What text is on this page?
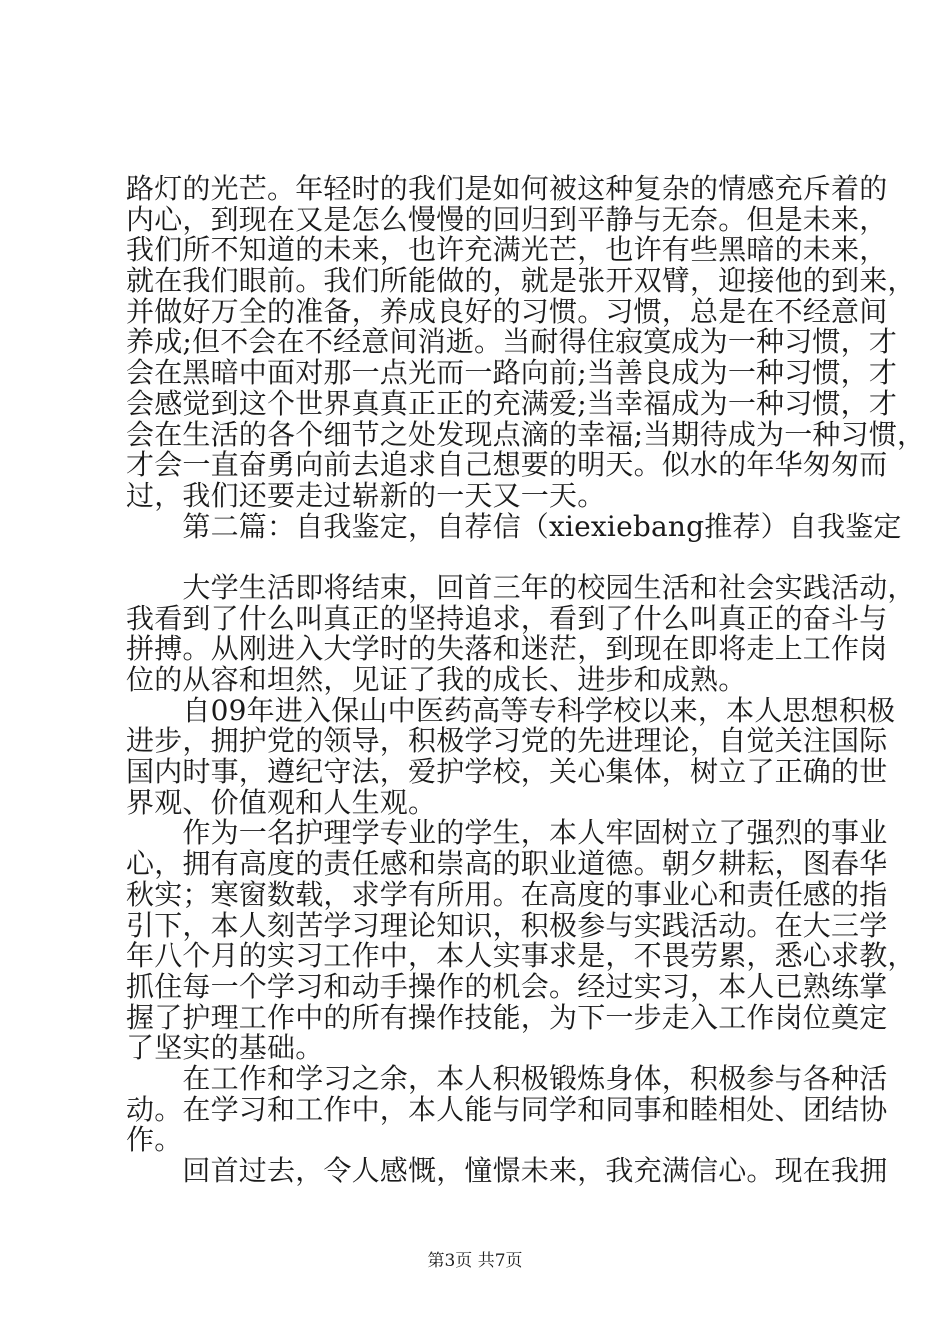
路灯的光芒。年轻时的我们是如何被这种复杂的情感充斥着的
内心，到现在又是怎么慢慢的回归到平静与无奈。但是未来，
我们所不知道的未来，也许充满光芒，也许有些黑暗的未来，
就在我们眼前。我们所能做的，就是张开双臂，迎接他的到来，
并做好万全的准备，养成良好的习惯。习惯，总是在不经意间
养成;但不会在不经意间消逝。当耐得住寂寞成为一种习惯，才
会在黑暗中面对那一点光而一路向前;当善良成为一种习惯，才
会感觉到这个世界真真正正的充满爱;当幸福成为一种习惯，才
会在生活的各个细节之处发现点滴的幸福;当期待成为一种习惯，
才会一直奋勇向前去追求自己想要的明天。似水的年华匆匆而
过，我们还要走过崭新的一天又一天。
　　第二篇：自我鉴定，自荐信（xiexiebang推荐）自我鉴定
　　大学生活即将结束，回首三年的校园生活和社会实践活动，
我看到了什么叫真正的坚持追求，看到了什么叫真正的奋斗与
拼搏。从刚进入大学时的失落和迷茫，到现在即将走上工作岗
位的从容和坦然，见证了我的成长、进步和成熟。
　　自09年进入保山中医药高等专科学校以来，本人思想积极
进步，拥护党的领导，积极学习党的先进理论，自觉关注国际
国内时事，遵纪守法，爱护学校，关心集体，树立了正确的世
界观、价值观和人生观。
　　作为一名护理学专业的学生，本人牢固树立了强烈的事业
心，拥有高度的责任感和崇高的职业道德。朝夕耕耘，图春华
秋实；寒窗数载，求学有所用。在高度的事业心和责任感的指
引下，本人刻苦学习理论知识，积极参与实践活动。在大三学
年八个月的实习工作中，本人实事求是，不畏劳累，悉心求教，
抓住每一个学习和动手操作的机会。经过实习，本人已熟练掌
握了护理工作中的所有操作技能，为下一步走入工作岗位奠定
了坚实的基础。
　　在工作和学习之余，本人积极锻炼身体，积极参与各种活
动。在学习和工作中，本人能与同学和同事和睦相处、团结协
作。
　　回首过去，令人感慨，憧憬未来，我充满信心。现在我拥
第3页 共7页
